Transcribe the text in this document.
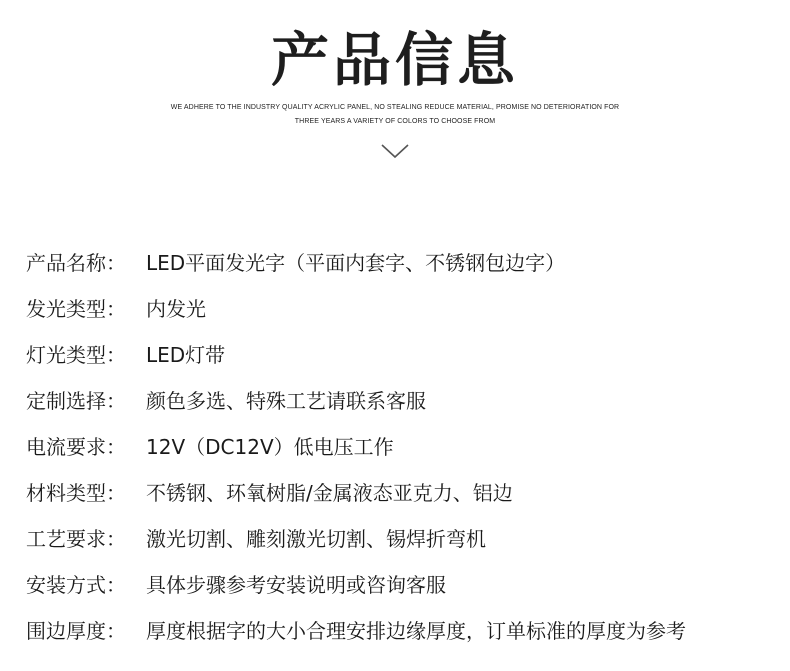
产品信息
WE ADHERE TO THE INDUSTRY QUALITY ACRYLIC PANEL, NO STEALING REDUCE MATERIAL, PROMISE NO DETERIORATION FOR
THREE YEARS A VARIETY OF COLORS TO CHOOSE FROM
产品名称：	LED平面发光字（平面内套字、不锈钢包边字）
发光类型：	内发光
灯光类型：	LED灯带
定制选择：	颜色多选、特殊工艺请联系客服
电流要求：	12V（DC12V）低电压工作
材料类型：	不锈钢、环氧树脂/金属液态亚克力、铝边
工艺要求：	激光切割、雕刻激光切割、锡焊折弯机
安装方式：	具体步骤参考安装说明或咨询客服
围边厚度：	厚度根据字的大小合理安排边缘厚度，订单标准的厚度为参考
